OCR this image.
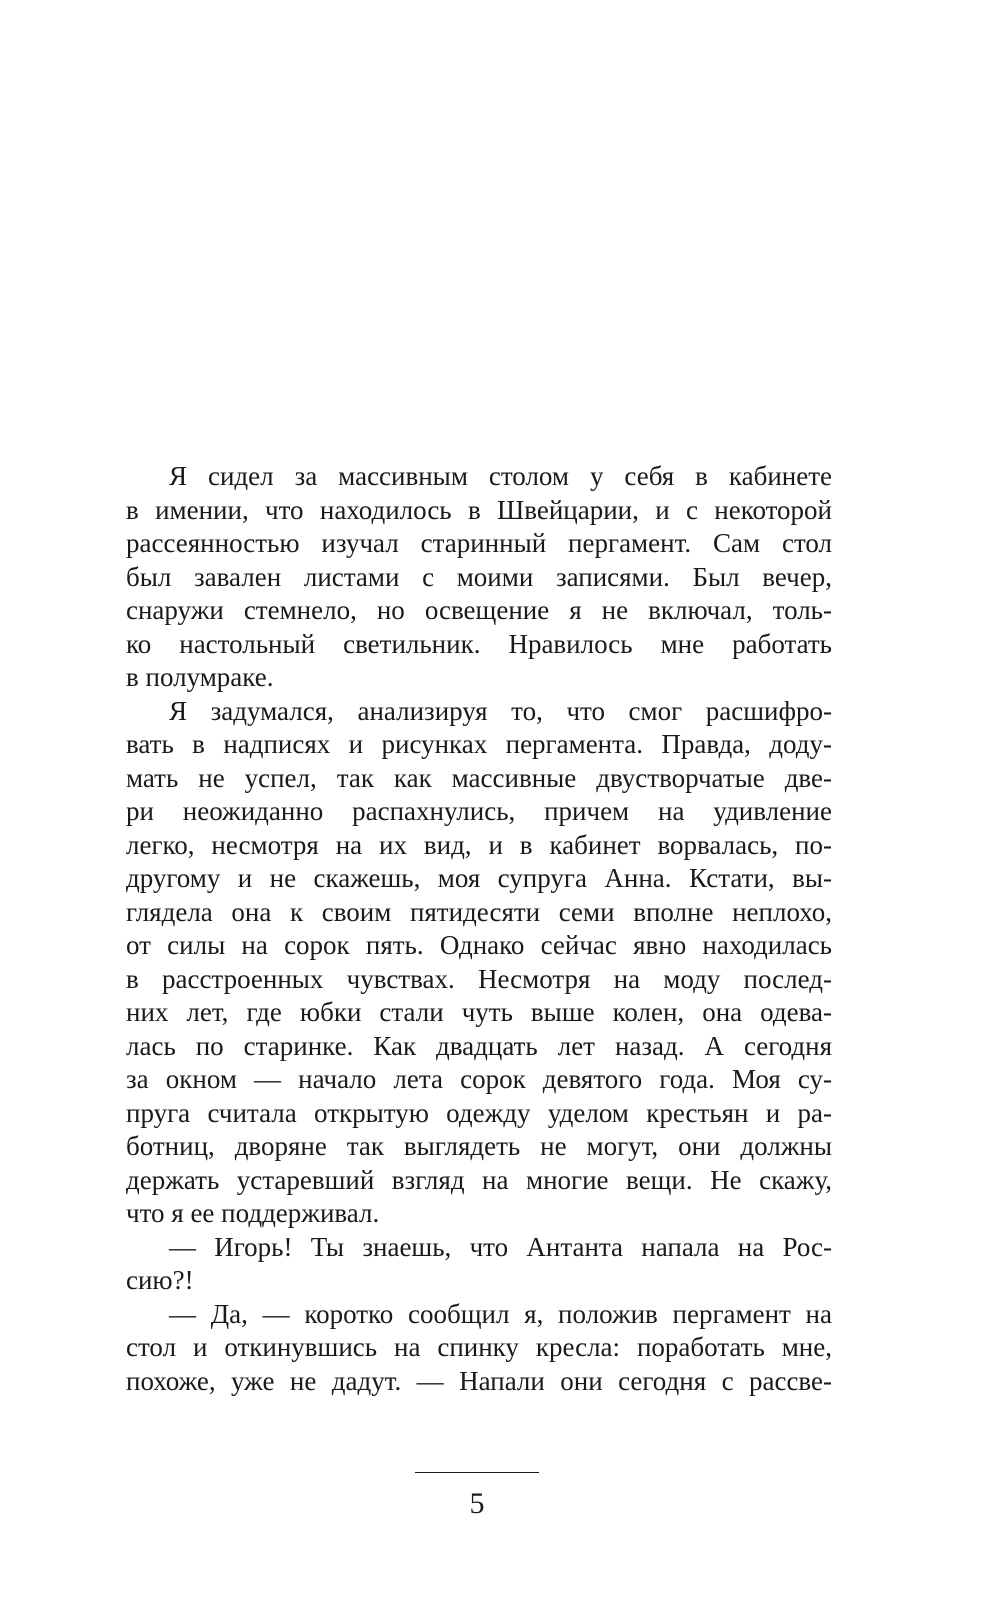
Я сидел за массивным столом у себя в кабинете
в имении, что находилось в Швейцарии, и с некоторой
рассеянностью изучал старинный пергамент. Сам стол
был завален листами с моими записями. Был вечер,
снаружи стемнело, но освещение я не включал, толь-
ко настольный светильник. Нравилось мне работать
в полумраке.
Я задумался, анализируя то, что смог расшифро-
вать в надписях и рисунках пергамента. Правда, доду-
мать не успел, так как массивные двустворчатые две-
ри неожиданно распахнулись, причем на удивление
легко, несмотря на их вид, и в кабинет ворвалась, по-
другому и не скажешь, моя супруга Анна. Кстати, вы-
глядела она к своим пятидесяти семи вполне неплохо,
от силы на сорок пять. Однако сейчас явно находилась
в расстроенных чувствах. Несмотря на моду послед-
них лет, где юбки стали чуть выше колен, она одева-
лась по старинке. Как двадцать лет назад. А сегодня
за окном — начало лета сорок девятого года. Моя су-
пруга считала открытую одежду уделом крестьян и ра-
ботниц, дворяне так выглядеть не могут, они должны
держать устаревший взгляд на многие вещи. Не скажу,
что я ее поддерживал.
— Игорь! Ты знаешь, что Антанта напала на Рос-
сию?!
— Да, — коротко сообщил я, положив пергамент на
стол и откинувшись на спинку кресла: поработать мне,
похоже, уже не дадут. — Напали они сегодня с рассве-
5
